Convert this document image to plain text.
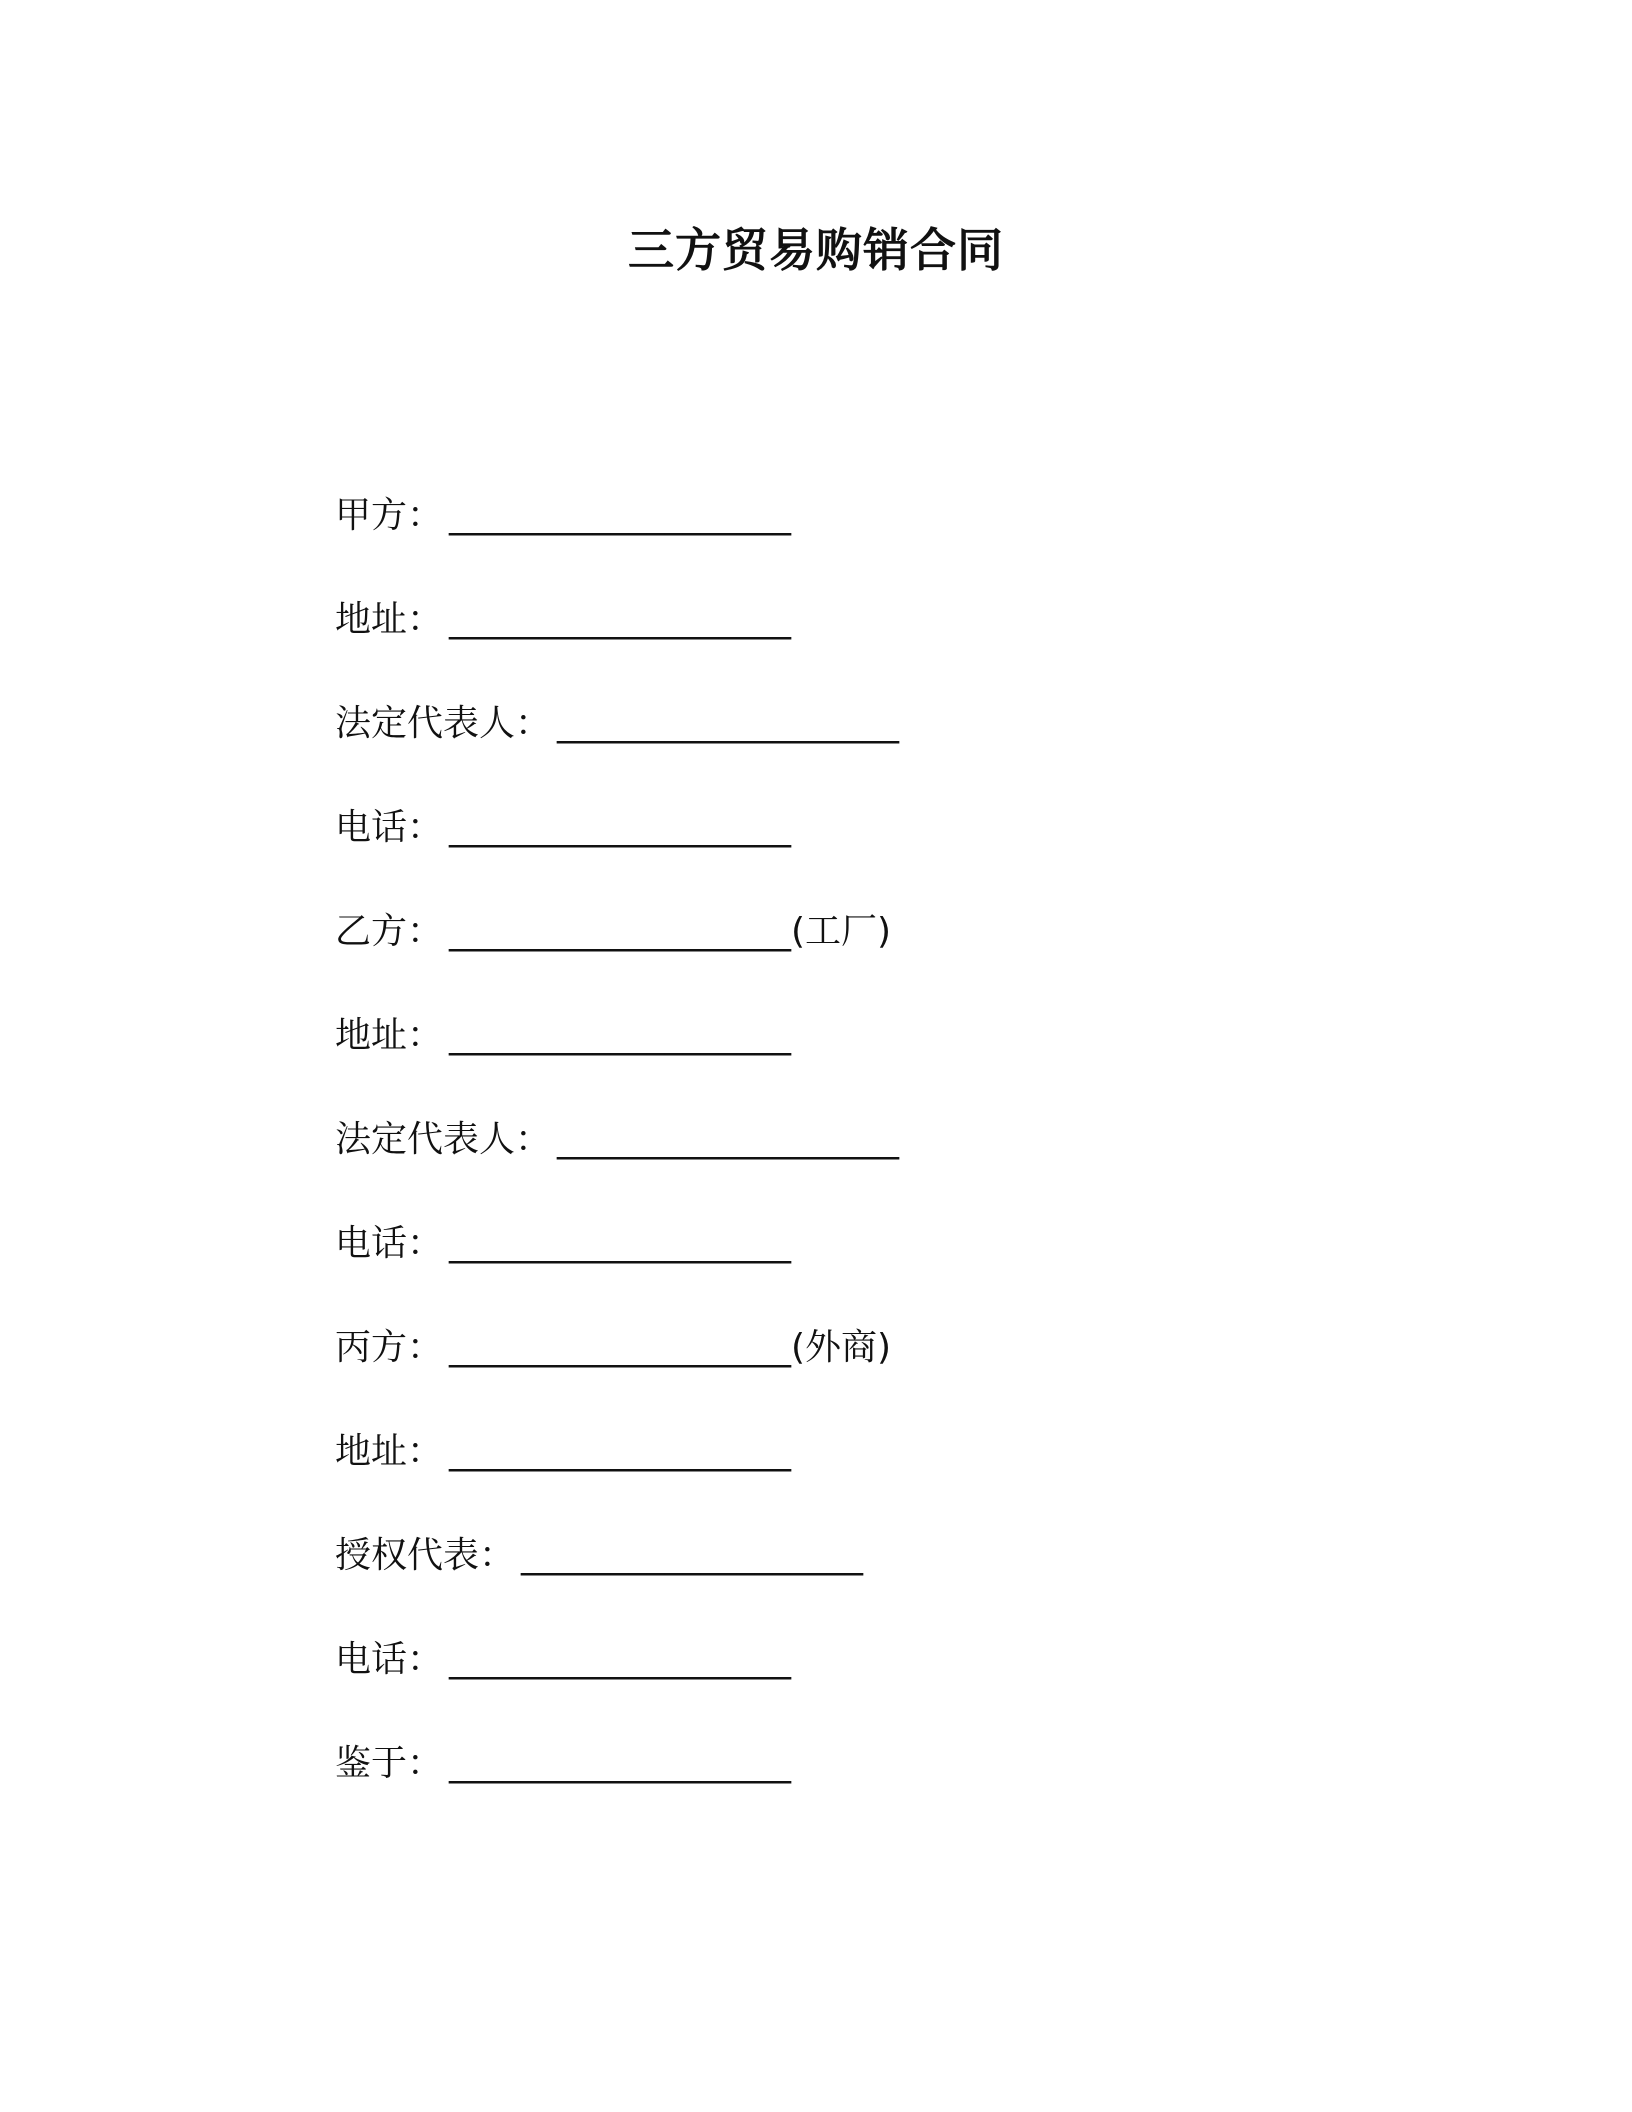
三方贸易购销合同
甲方： ___________________
地址： ___________________
法定代表人： ___________________
电话： ___________________
乙方： ___________________ (工厂)
地址： ___________________
法定代表人： ___________________
电话： ___________________
丙方： ___________________ (外商)
地址： ___________________
授权代表： ___________________
电话： ___________________
鉴于： ___________________
